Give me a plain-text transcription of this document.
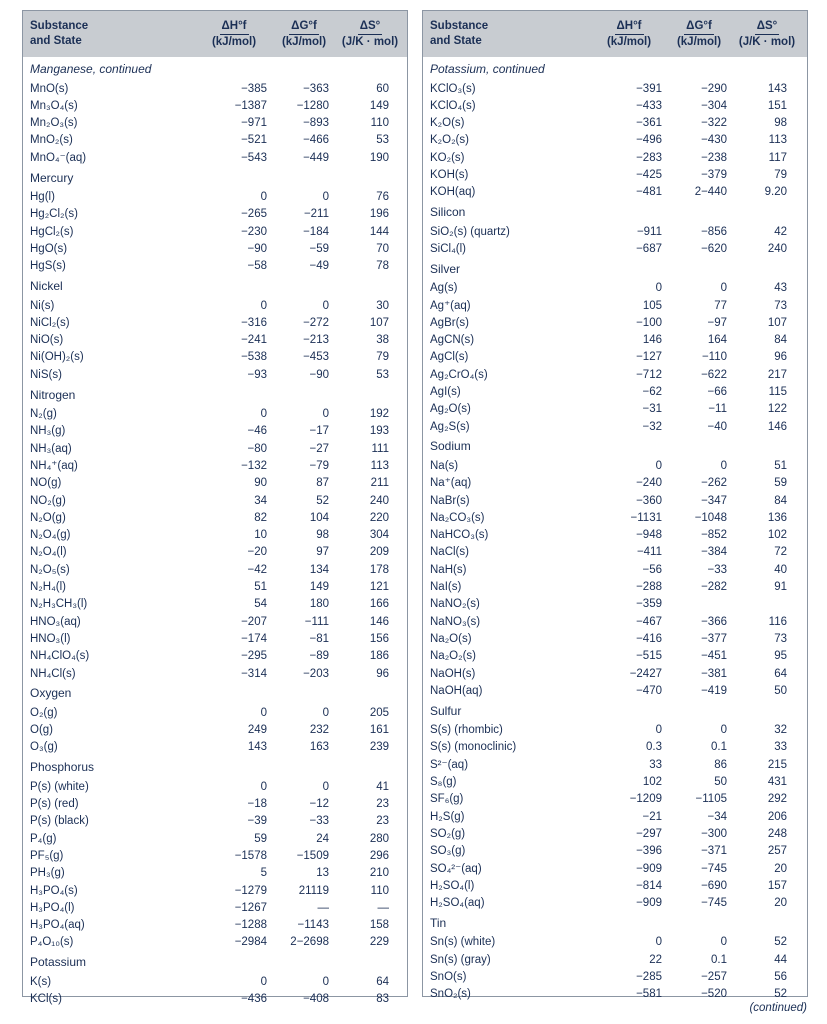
Substance
and State
ΔH°f
(kJ/mol)
ΔG°f
(kJ/mol)
ΔS°
(J/K · mol)
Manganese, continued
MnO(s)	−385	−363	60
Mn₃O₄(s)	−1387	−1280	149
Mn₂O₃(s)	−971	−893	110
MnO₂(s)	−521	−466	53
MnO₄⁻(aq)	−543	−449	190
Mercury
Hg(l)	0	0	76
Hg₂Cl₂(s)	−265	−211	196
HgCl₂(s)	−230	−184	144
HgO(s)	−90	−59	70
HgS(s)	−58	−49	78
Nickel
Ni(s)	0	0	30
NiCl₂(s)	−316	−272	107
NiO(s)	−241	−213	38
Ni(OH)₂(s)	−538	−453	79
NiS(s)	−93	−90	53
Nitrogen
N₂(g)	0	0	192
NH₃(g)	−46	−17	193
NH₃(aq)	−80	−27	111
NH₄⁺(aq)	−132	−79	113
NO(g)	90	87	211
NO₂(g)	34	52	240
N₂O(g)	82	104	220
N₂O₄(g)	10	98	304
N₂O₄(l)	−20	97	209
N₂O₅(s)	−42	134	178
N₂H₄(l)	51	149	121
N₂H₃CH₃(l)	54	180	166
HNO₃(aq)	−207	−111	146
HNO₃(l)	−174	−81	156
NH₄ClO₄(s)	−295	−89	186
NH₄Cl(s)	−314	−203	96
Oxygen
O₂(g)	0	0	205
O(g)	249	232	161
O₃(g)	143	163	239
Phosphorus
P(s) (white)	0	0	41
P(s) (red)	−18	−12	23
P(s) (black)	−39	−33	23
P₄(g)	59	24	280
PF₅(g)	−1578	−1509	296
PH₃(g)	5	13	210
H₃PO₄(s)	−1279	21119	110
H₃PO₄(l)	−1267	—	—
H₃PO₄(aq)	−1288	−1143	158
P₄O₁₀(s)	−2984	2−2698	229
Potassium
K(s)	0	0	64
KCl(s)	−436	−408	83
Substance
and State
ΔH°f
(kJ/mol)
ΔG°f
(kJ/mol)
ΔS°
(J/K · mol)
Potassium, continued
KClO₃(s)	−391	−290	143
KClO₄(s)	−433	−304	151
K₂O(s)	−361	−322	98
K₂O₂(s)	−496	−430	113
KO₂(s)	−283	−238	117
KOH(s)	−425	−379	79
KOH(aq)	−481	2−440	9.20
Silicon
SiO₂(s) (quartz)	−911	−856	42
SiCl₄(l)	−687	−620	240
Silver
Ag(s)	0	0	43
Ag⁺(aq)	105	77	73
AgBr(s)	−100	−97	107
AgCN(s)	146	164	84
AgCl(s)	−127	−110	96
Ag₂CrO₄(s)	−712	−622	217
AgI(s)	−62	−66	115
Ag₂O(s)	−31	−11	122
Ag₂S(s)	−32	−40	146
Sodium
Na(s)	0	0	51
Na⁺(aq)	−240	−262	59
NaBr(s)	−360	−347	84
Na₂CO₃(s)	−1131	−1048	136
NaHCO₃(s)	−948	−852	102
NaCl(s)	−411	−384	72
NaH(s)	−56	−33	40
NaI(s)	−288	−282	91
NaNO₂(s)	−359
NaNO₃(s)	−467	−366	116
Na₂O(s)	−416	−377	73
Na₂O₂(s)	−515	−451	95
NaOH(s)	−2427	−381	64
NaOH(aq)	−470	−419	50
Sulfur
S(s) (rhombic)	0	0	32
S(s) (monoclinic)	0.3	0.1	33
S²⁻(aq)	33	86	215
S₈(g)	102	50	431
SF₆(g)	−1209	−1105	292
H₂S(g)	−21	−34	206
SO₂(g)	−297	−300	248
SO₃(g)	−396	−371	257
SO₄²⁻(aq)	−909	−745	20
H₂SO₄(l)	−814	−690	157
H₂SO₄(aq)	−909	−745	20
Tin
Sn(s) (white)	0	0	52
Sn(s) (gray)	22	0.1	44
SnO(s)	−285	−257	56
SnO₂(s)	−581	−520	52
(continued)
